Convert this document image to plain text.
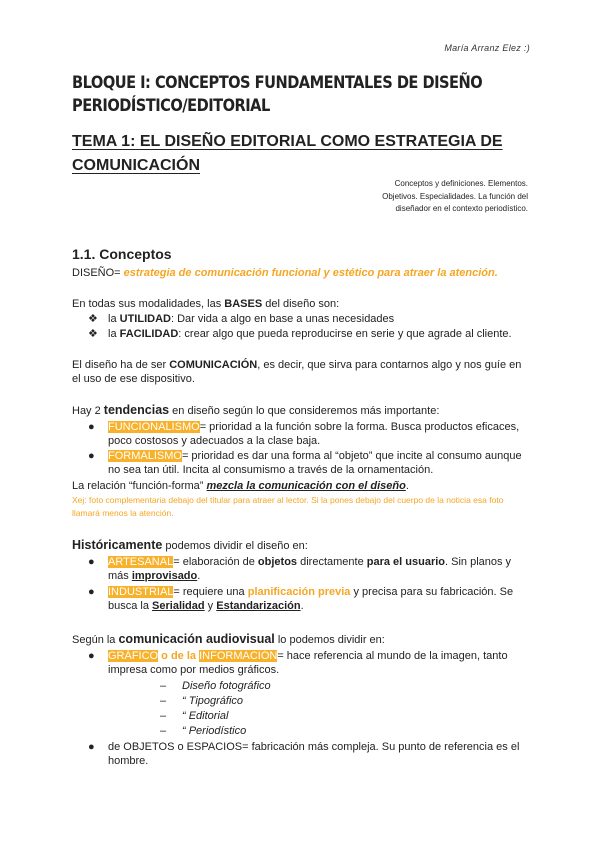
María Arranz Elez :)
BLOQUE I: CONCEPTOS FUNDAMENTALES DE DISEÑO PERIODÍSTICO/EDITORIAL
TEMA 1: EL DISEÑO EDITORIAL COMO ESTRATEGIA DE COMUNICACIÓN
Conceptos y definiciones. Elementos. Objetivos. Especialidades. La función del diseñador en el contexto periodístico.
1.1. Conceptos
DISEÑO= estrategia de comunicación funcional y estético para atraer la atención.
En todas sus modalidades, las BASES del diseño son:
❖ la UTILIDAD: Dar vida a algo en base a unas necesidades
❖ la FACILIDAD: crear algo que pueda reproducirse en serie y que agrade al cliente.
El diseño ha de ser COMUNICACIÓN, es decir, que sirva para contarnos algo y nos guíe en el uso de ese dispositivo.
Hay 2 tendencias en diseño según lo que consideremos más importante:
● FUNCIONALISMO= prioridad a la función sobre la forma. Busca productos eficaces, poco costosos y adecuados a la clase baja.
● FORMALISMO= prioridad es dar una forma al “objeto” que incite al consumo aunque no sea tan útil. Incita al consumismo a través de la ornamentación.
La relación “función-forma” mezcla la comunicación con el diseño.
Xej: foto complementaria debajo del titular para atraer al lector. Si la pones debajo del cuerpo de la noticia esa foto llamará menos la atención.
Históricamente podemos dividir el diseño en:
● ARTESANAL= elaboración de objetos directamente para el usuario. Sin planos y más improvisado.
● INDUSTRIAL= requiere una planificación previa y precisa para su fabricación. Se busca la Serialidad y Estandarización.
Según la comunicación audiovisual lo podemos dividir en:
● GRÁFICO o de la INFORMACIÓN= hace referencia al mundo de la imagen, tanto impresa como por medios gráficos.
– Diseño fotográfico
– “ Tipográfico
– “ Editorial
– “ Periodístico
● de OBJETOS o ESPACIOS= fabricación más compleja. Su punto de referencia es el hombre.
